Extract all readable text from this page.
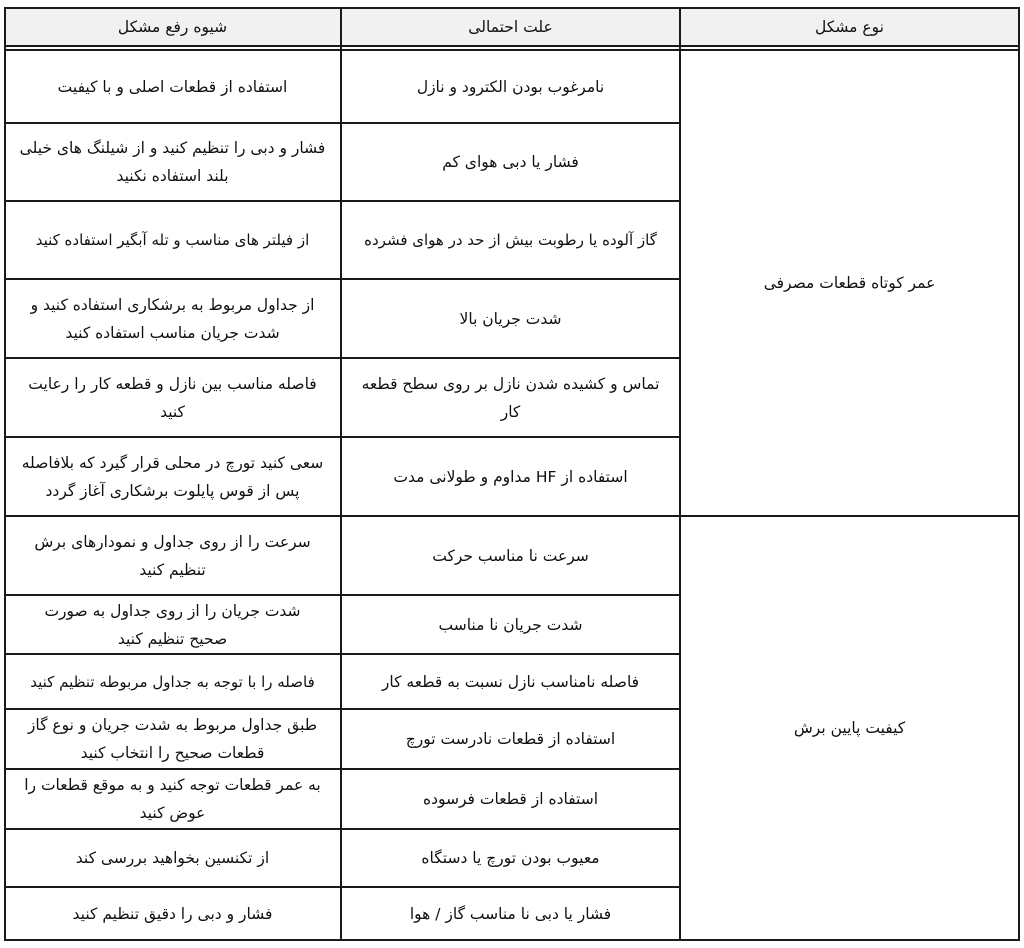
نوع مشکل
علت احتمالی
شیوه رفع مشکل
عمر کوتاه قطعات مصرفی
کیفیت پایین برش
نامرغوب بودن الکترود و نازل
استفاده از قطعات اصلی و با کیفیت
فشار یا دبی هوای کم
فشار و دبی را تنظیم کنید و از شیلنگ های خیلی بلند استفاده نکنید
گاز آلوده یا رطوبت بیش از حد در هوای فشرده
از فیلتر های مناسب و تله آبگیر استفاده کنید
شدت جریان بالا
از جداول مربوط به برشکاری استفاده کنید و شدت جریان مناسب استفاده کنید
تماس و کشیده شدن نازل بر روی سطح قطعه کار
فاصله مناسب بین نازل و قطعه کار را رعایت کنید
استفاده از HF مداوم و طولانی مدت
سعی کنید تورچ در محلی قرار گیرد که بلافاصله پس از قوس پایلوت برشکاری آغاز گردد
سرعت نا مناسب حرکت
سرعت را از روی جداول و نمودارهای برش تنظیم کنید
شدت جریان نا مناسب
شدت جریان را از روی جداول به صورت صحیح تنظیم کنید
فاصله نامناسب نازل نسبت به قطعه کار
فاصله را با توجه به جداول مربوطه تنظیم کنید
استفاده از قطعات نادرست تورچ
طبق جداول مربوط به شدت جریان و نوع گاز قطعات صحیح را انتخاب کنید
استفاده از قطعات فرسوده
به عمر قطعات توجه کنید و به موقع قطعات را عوض کنید
معیوب بودن تورچ یا دستگاه
از تکنسین بخواهید بررسی کند
فشار یا دبی نا مناسب گاز / هوا
فشار و دبی را دقیق تنظیم کنید
